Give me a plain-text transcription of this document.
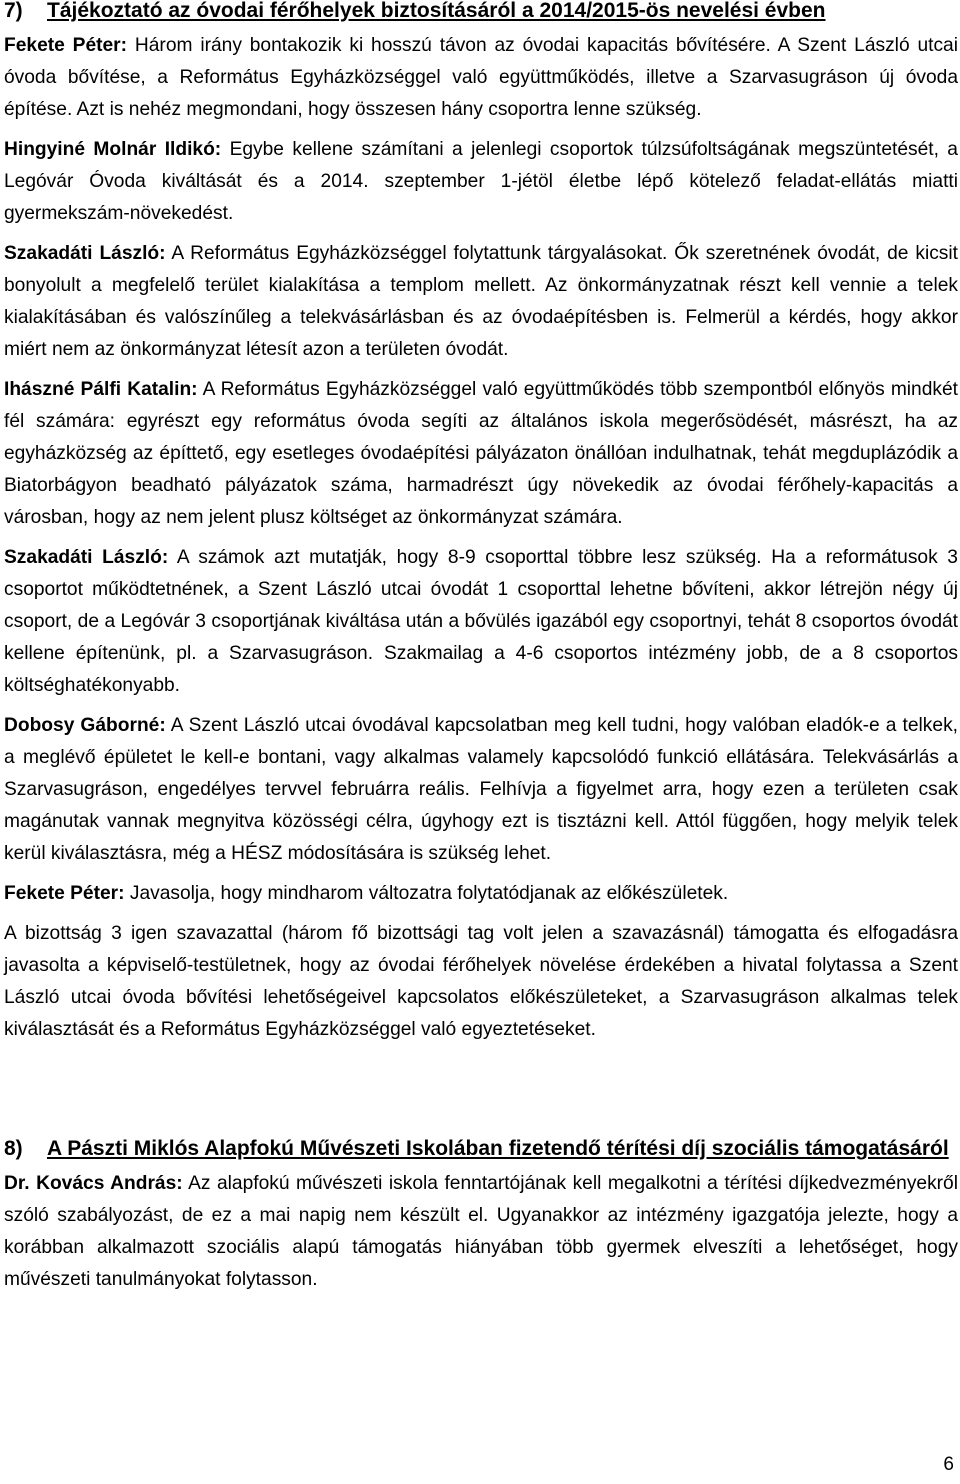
7)	Tájékoztató az óvodai férőhelyek biztosításáról a 2014/2015-ös nevelési évben

Fekete Péter: Három irány bontakozik ki hosszú távon az óvodai kapacitás bővítésére. A Szent László utcai óvoda bővítése, a Református Egyházközséggel való együttműködés, illetve a Szarvasugráson új óvoda építése. Azt is nehéz megmondani, hogy összesen hány csoportra lenne szükség.

Hingyiné Molnár Ildikó: Egybe kellene számítani a jelenlegi csoportok túlzsúfoltságának megszüntetését, a Legóvár Óvoda kiváltását és a 2014. szeptember 1-jétöl életbe lépő kötelező feladat-ellátás miatti gyermekszám-növekedést.

Szakadáti László: A Református Egyházközséggel folytattunk tárgyalásokat. Ők szeretnének óvodát, de kicsit bonyolult a megfelelő terület kialakítása a templom mellett. Az önkormányzatnak részt kell vennie a telek kialakításában és valószínűleg a telekvásárlásban és az óvodaépítésben is. Felmerül a kérdés, hogy akkor miért nem az önkormányzat létesít azon a területen óvodát.

Ihászné Pálfi Katalin: A Református Egyházközséggel való együttműködés több szempontból előnyös mindkét fél számára: egyrészt egy református óvoda segíti az általános iskola megerősödését, másrészt, ha az egyházközség az építtető, egy esetleges óvodaépítési pályázaton önállóan indulhatnak, tehát megduplázódik a Biatorbágyon beadható pályázatok száma, harmadrészt úgy növekedik az óvodai férőhely-kapacitás a városban, hogy az nem jelent plusz költséget az önkormányzat számára.

Szakadáti László: A számok azt mutatják, hogy 8-9 csoporttal többre lesz szükség. Ha a reformátusok 3 csoportot működtetnének, a Szent László utcai óvodát 1 csoporttal lehetne bővíteni, akkor létrejön négy új csoport, de a Legóvár 3 csoportjának kiváltása után a bővülés igazából egy csoportnyi, tehát 8 csoportos óvodát kellene építenünk, pl. a Szarvasugráson. Szakmailag a 4-6 csoportos intézmény jobb, de a 8 csoportos költséghatékonyabb.

Dobosy Gáborné: A Szent László utcai óvodával kapcsolatban meg kell tudni, hogy valóban eladók-e a telkek, a meglévő épületet le kell-e bontani, vagy alkalmas valamely kapcsolódó funkció ellátására. Telekvásárlás a Szarvasugráson, engedélyes tervvel februárra reális. Felhívja a figyelmet arra, hogy ezen a területen csak magánutak vannak megnyitva közösségi célra, úgyhogy ezt is tisztázni kell. Attól függően, hogy melyik telek kerül kiválasztásra, még a HÉSZ módosítására is szükség lehet.

Fekete Péter: Javasolja, hogy mindharom változatra folytatódjanak az előkészületek.

A bizottság 3 igen szavazattal (három fő bizottsági tag volt jelen a szavazásnál) támogatta és elfogadásra javasolta a képviselő-testületnek, hogy az óvodai férőhelyek növelése érdekében a hivatal folytassa a Szent László utcai óvoda bővítési lehetőségeivel kapcsolatos előkészületeket, a Szarvasugráson alkalmas telek kiválasztását és a Református Egyházközséggel való egyeztetéseket.

8)	A Pászti Miklós Alapfokú Művészeti Iskolában fizetendő térítési díj szociális támogatásáról

Dr. Kovács András: Az alapfokú művészeti iskola fenntartójának kell megalkotni a térítési díjkedvezményekről szóló szabályozást, de ez a mai napig nem készült el. Ugyanakkor az intézmény igazgatója jelezte, hogy a korábban alkalmazott szociális alapú támogatás hiányában több gyermek elveszíti a lehetőséget, hogy művészeti tanulmányokat folytasson.

6
